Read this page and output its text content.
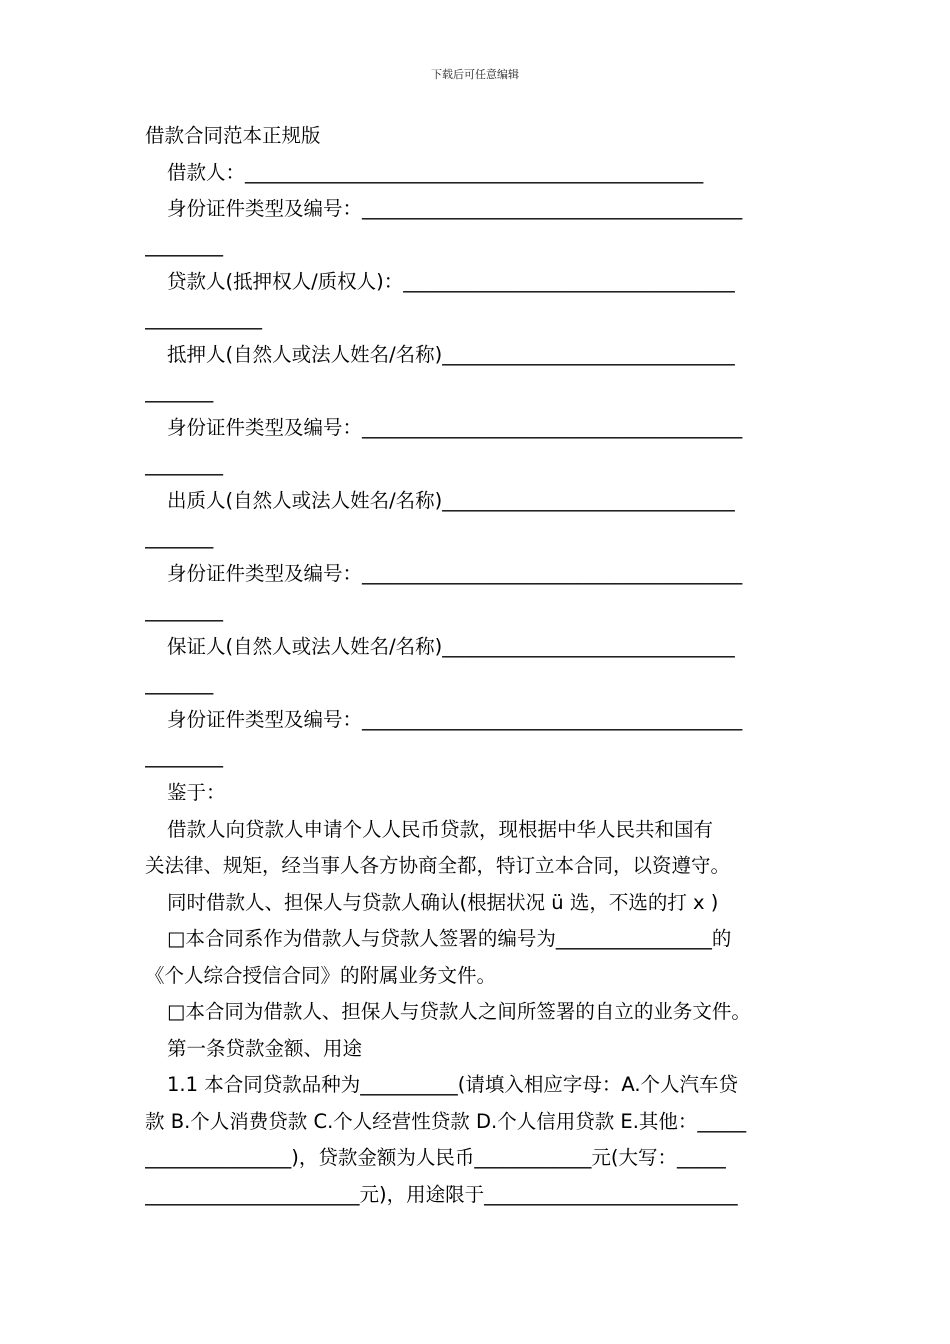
下载后可任意编辑
借款合同范本正规版
借款人：_______________________________________________
身份证件类型及编号：_______________________________________
________
贷款人(抵押权人/质权人)：__________________________________
____________
抵押人(自然人或法人姓名/名称)______________________________
_______
身份证件类型及编号：_______________________________________
________
出质人(自然人或法人姓名/名称)______________________________
_______
身份证件类型及编号：_______________________________________
________
保证人(自然人或法人姓名/名称)______________________________
_______
身份证件类型及编号：_______________________________________
________
鉴于：
借款人向贷款人申请个人人民币贷款，现根据中华人民共和国有
关法律、规矩，经当事人各方协商全都，特订立本合同，以资遵守。
同时借款人、担保人与贷款人确认(根据状况 ü 选，不选的打 x )
□本合同系作为借款人与贷款人签署的编号为________________的
《个人综合授信合同》的附属业务文件。
□本合同为借款人、担保人与贷款人之间所签署的自立的业务文件。
第一条贷款金额、用途
1.1 本合同贷款品种为__________(请填入相应字母：A.个人汽车贷
款 B.个人消费贷款 C.个人经营性贷款 D.个人信用贷款 E.其他：_____
_______________)，贷款金额为人民币____________元(大写：_____
______________________元)，用途限于__________________________
